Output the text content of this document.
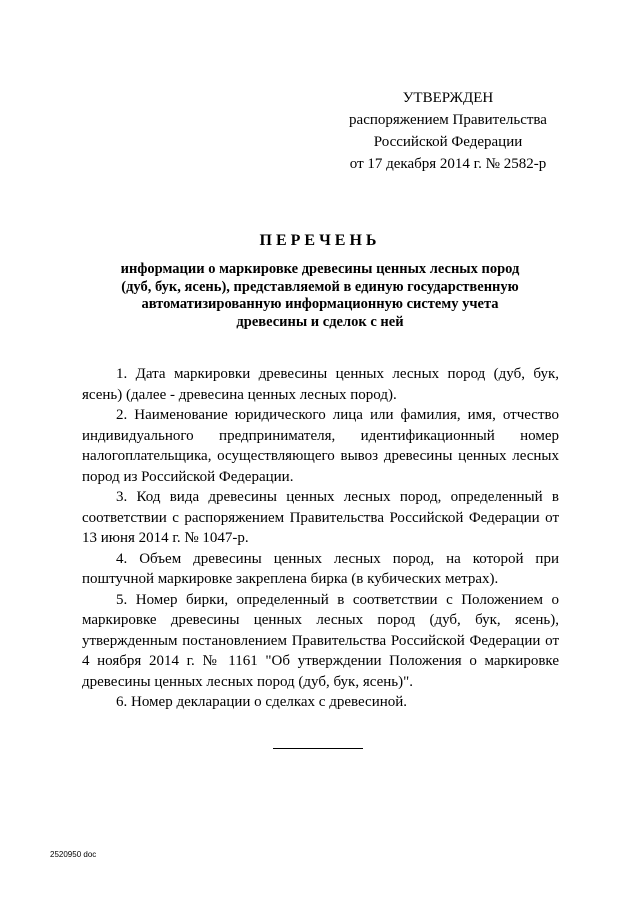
УТВЕРЖДЕН
распоряжением Правительства
Российской Федерации
от 17 декабря 2014 г. № 2582-р
ПЕРЕЧЕНЬ
информации о маркировке древесины ценных лесных пород
(дуб, бук, ясень), представляемой в единую государственную
автоматизированную информационную систему учета
древесины и сделок с ней

1. Дата маркировки древесины ценных лесных пород (дуб, бук, ясень) (далее - древесина ценных лесных пород).

2. Наименование юридического лица или фамилия, имя, отчество индивидуального предпринимателя, идентификационный номер налогоплательщика, осуществляющего вывоз древесины ценных лесных пород из Российской Федерации.

3. Код вида древесины ценных лесных пород, определенный в соответствии с распоряжением Правительства Российской Федерации от 13 июня 2014 г. № 1047-р.

4. Объем древесины ценных лесных пород, на которой при поштучной маркировке закреплена бирка (в кубических метрах).

5. Номер бирки, определенный в соответствии с Положением о маркировке древесины ценных лесных пород (дуб, бук, ясень), утвержденным постановлением Правительства Российской Федерации от 4 ноября 2014 г. № 1161 "Об утверждении Положения о маркировке древесины ценных лесных пород (дуб, бук, ясень)".

6. Номер декларации о сделках с древесиной.

2520950 doc
